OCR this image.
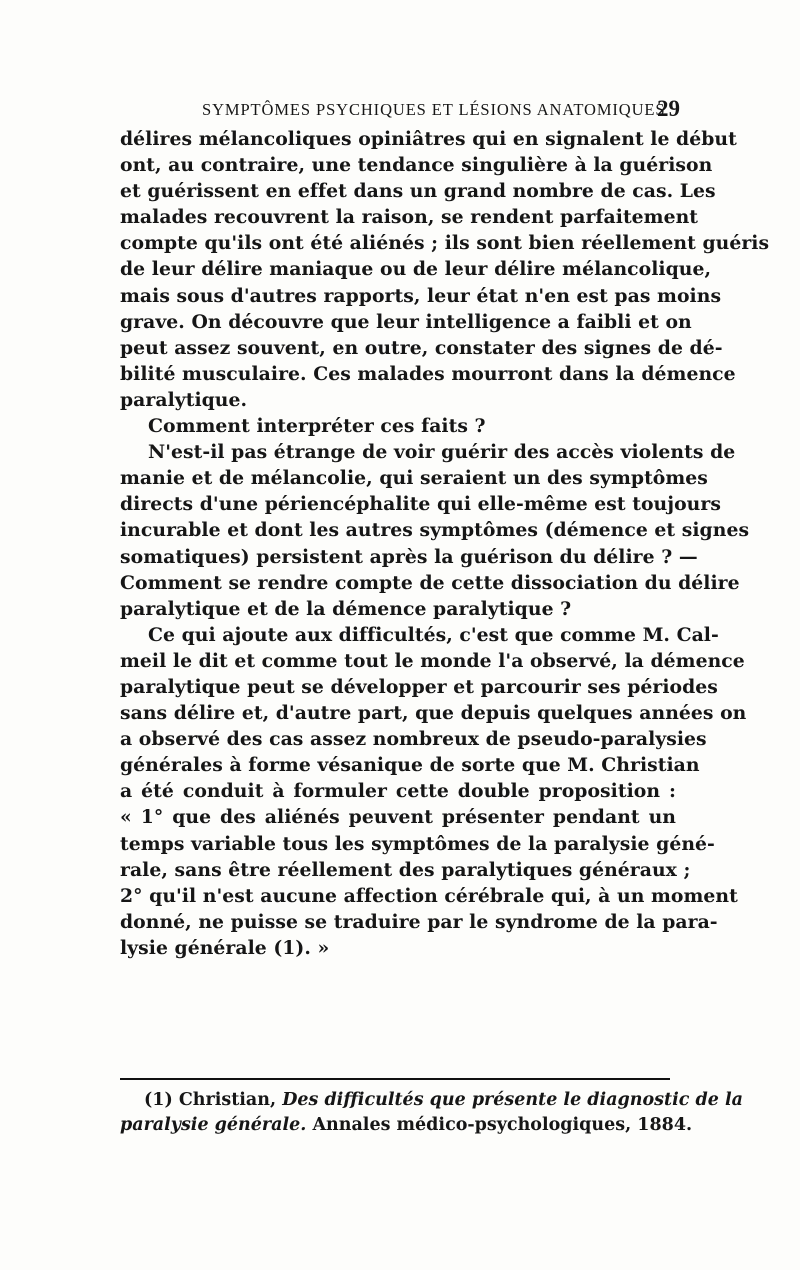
SYMPTÔMES PSYCHIQUES ET LÉSIONS ANATOMIQUES
29
délires mélancoliques opiniâtres qui en signalent le début
ont, au contraire, une tendance singulière à la guérison
et guérissent en effet dans un grand nombre de cas. Les
malades recouvrent la raison, se rendent parfaitement
compte qu'ils ont été aliénés ; ils sont bien réellement guéris
de leur délire maniaque ou de leur délire mélancolique,
mais sous d'autres rapports, leur état n'en est pas moins
grave. On découvre que leur intelligence a faibli et on
peut assez souvent, en outre, constater des signes de dé-
bilité musculaire. Ces malades mourront dans la démence
paralytique.
Comment interpréter ces faits ?
N'est-il pas étrange de voir guérir des accès violents de
manie et de mélancolie, qui seraient un des symptômes
directs d'une périencéphalite qui elle-même est toujours
incurable et dont les autres symptômes (démence et signes
somatiques) persistent après la guérison du délire ? —
Comment se rendre compte de cette dissociation du délire
paralytique et de la démence paralytique ?
Ce qui ajoute aux difficultés, c'est que comme M. Cal-
meil le dit et comme tout le monde l'a observé, la démence
paralytique peut se développer et parcourir ses périodes
sans délire et, d'autre part, que depuis quelques années on
a observé des cas assez nombreux de pseudo-paralysies
générales à forme vésanique de sorte que M. Christian
a été conduit à formuler cette double proposition :
« 1° que des aliénés peuvent présenter pendant un
temps variable tous les symptômes de la paralysie géné-
rale, sans être réellement des paralytiques généraux ;
2° qu'il n'est aucune affection cérébrale qui, à un moment
donné, ne puisse se traduire par le syndrome de la para-
lysie générale (1). »
(1) Christian, Des difficultés que présente le diagnostic de la
paralysie générale. Annales médico-psychologiques, 1884.
